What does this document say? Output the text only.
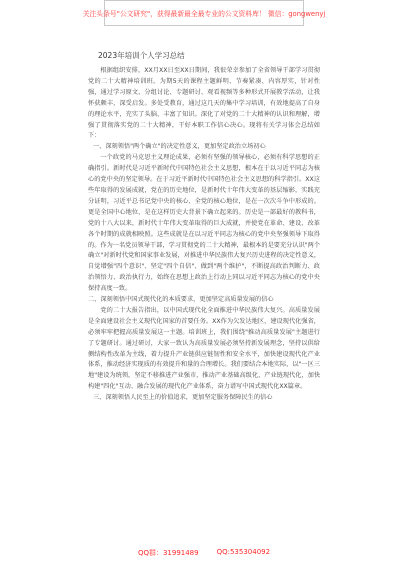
关注头条号"公文研究"，获得最新最全最专业的公文资料库！ 微信：gongwenyj
2023年培训个人学习总结

根据组织安排，XX月XX日至XX日期间，我很荣幸参加了全省领导干部学习贯彻党的二十大精神培训班。为期5天的课程主题鲜明、节奏紧凑、内容厚实，针对性强，通过学习原文、分组讨论、专题研讨、观看视频等多种形式开展教学活动，让我怀获颇丰，深受启发。多处受教育，通过这几天的集中学习培训，有效地提高了自身的理论水平，充实了头脑、丰富了知识。深化了对党的二十大精神的认识和理解，增强了贯彻落实党的二十大精神，干好本职工作信心决心。现将有关学习体会总结如下：

一、深刻领悟"两个确立"的决定性意义，更加坚定政治立场初心

一个政党的马克思主义理论成果，必须有坚强的领导核心，必须有科学思想的正确指引。新时代是习近平新时代中国特色社会主义思想，根本在于以习近平同志为核心的党中央的坚定领导。在于习近平新时代中国特色社会主义思想的科学指引。XX这些年取得的发展成就，党在的历史地位，是新时代十年伟大变革的基层缩影，实践充分证明，习近平总书记党中央的核心、全党的核心地位，是在一次次斗争中形成的。更是全国中心地位，是在这样历史大背景下确立起来的。历史是一部最好的教科书，党的十八大以来，新时代十年伟大变革取得的巨大成就，并使党在革命、建设、改革各个时期的成就相映照。这些成就是在以习近平同志为核心的党中央坚强领导下取得的。作为一名党员领导干部，学习贯彻党的二十大精神，最根本的是要充分认识"两个确立"对新时代党和国家事业发展，对推进中华民族伟大复兴历史进程的决定性意义，自觉增强"四个意识"、坚定"四个自信"、做到"两个维护"，不断提高政治判断力、政治领悟力、政治执行力，始终在思想上政治上行动上同以习近平同志为核心的党中央保持高度一致。

二、深刻领悟中国式现代化的本质要求，更加坚定高质量发展的信心

党的二十大报告指出，以中国式现代化全面推进中华民族伟大复兴。高质量发展是全面建设社会主义现代化国家的首要任务。XX作为欠发达地区，建设现代化强省，必须牢牢把握高质量发展这一主题。培训班上，我们围绕"推动高质量发展"主题进行了专题研讨。通过研讨，大家一致认为高质量发展必须坚持新发展理念，坚持以供给侧结构性改革为主线，着力提升产业链供应链韧性和安全水平，加快建设现代化产业体系，推动经济实现质的有效提升和量的合理增长。我们要结合本地实际，以"一区三地"建设为统领，坚定不移推进产业强市，推动产业基础高级化、产业链现代化，加快构建"四化"互动、融合发展的现代化产业体系，奋力谱写中国式现代化XX篇章。

三、深刻领悟人民至上的价值追求，更加坚定服务保障民生的信心

QQ群：31991489	QQ:535304092
